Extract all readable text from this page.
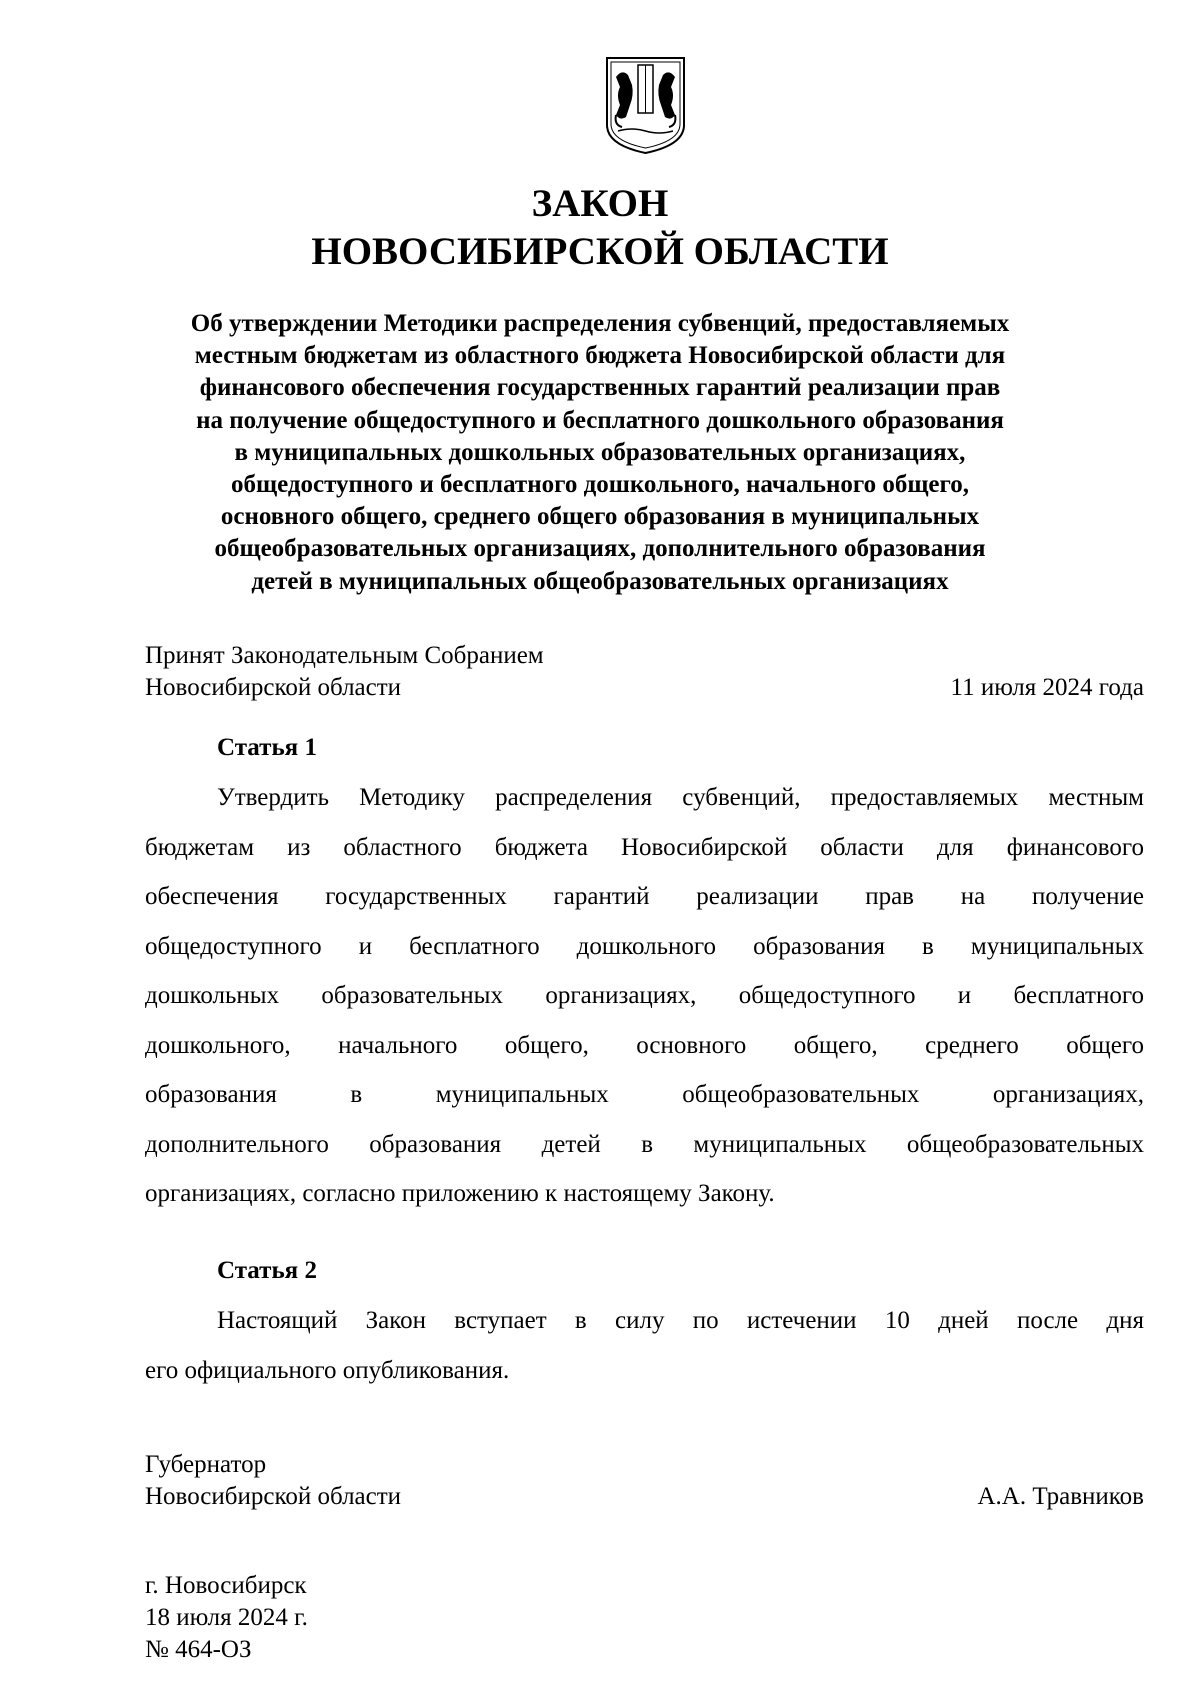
ЗАКОН
НОВОСИБИРСКОЙ ОБЛАСТИ
Об утверждении Методики распределения субвенций, предоставляемых
местным бюджетам из областного бюджета Новосибирской области для
финансового обеспечения государственных гарантий реализации прав
на получение общедоступного и бесплатного дошкольного образования
в муниципальных дошкольных образовательных организациях,
общедоступного и бесплатного дошкольного, начального общего,
основного общего, среднего общего образования в муниципальных
общеобразовательных организациях, дополнительного образования
детей в муниципальных общеобразовательных организациях
Принят Законодательным Собранием
Новосибирской области	11 июля 2024 года
Статья 1
Утвердить Методику распределения субвенций, предоставляемых местным
бюджетам из областного бюджета Новосибирской области для финансового
обеспечения государственных гарантий реализации прав на получение
общедоступного и бесплатного дошкольного образования в муниципальных
дошкольных образовательных организациях, общедоступного и бесплатного
дошкольного, начального общего, основного общего, среднего общего
образования в муниципальных общеобразовательных организациях,
дополнительного образования детей в муниципальных общеобразовательных
организациях, согласно приложению к настоящему Закону.
Статья 2
Настоящий Закон вступает в силу по истечении 10 дней после дня
его официального опубликования.
Губернатор
Новосибирской области	А.А. Травников
г. Новосибирск
18 июля 2024 г.
№ 464-ОЗ
